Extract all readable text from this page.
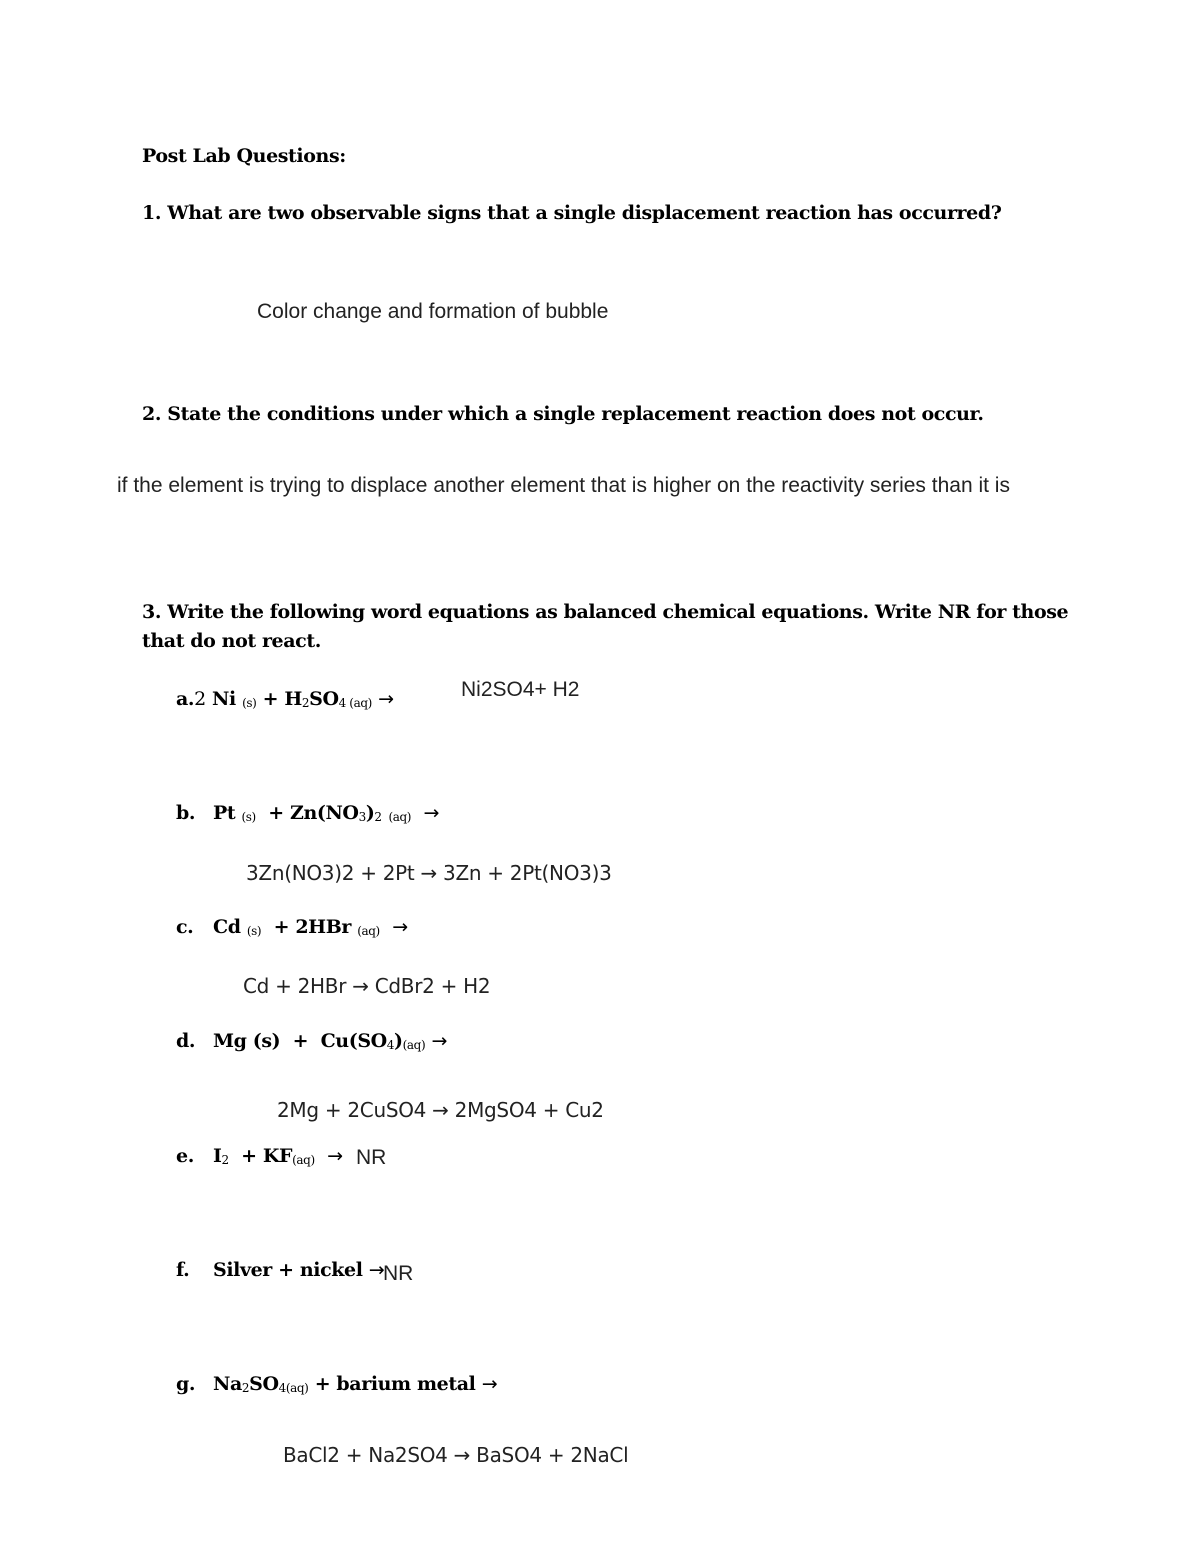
Post Lab Questions:
1. What are two observable signs that a single displacement reaction has occurred?
Color change and formation of bubble
2. State the conditions under which a single replacement reaction does not occur.
if the element is trying to displace another element that is higher on the reactivity series than it is
3. Write the following word equations as balanced chemical equations. Write NR for those
that do not react.
a.2 Ni (s) + H2SO4 (aq) →	Ni2SO4+ H2
b. Pt (s)  + Zn(NO3)2  (aq) →
3Zn(NO3)2 + 2Pt → 3Zn + 2Pt(NO3)3
c. Cd (s)  + 2HBr (aq) →
Cd + 2HBr → CdBr2 + H2
d. Mg (s)  +  Cu(SO4)(aq) →
2Mg + 2CuSO4 → 2MgSO4 + Cu2
e. I2  + KF(aq) → NR
f. Silver + nickel →
NR
g. Na2SO4(aq) + barium metal →
BaCl2 + Na2SO4 → BaSO4 + 2NaCl
